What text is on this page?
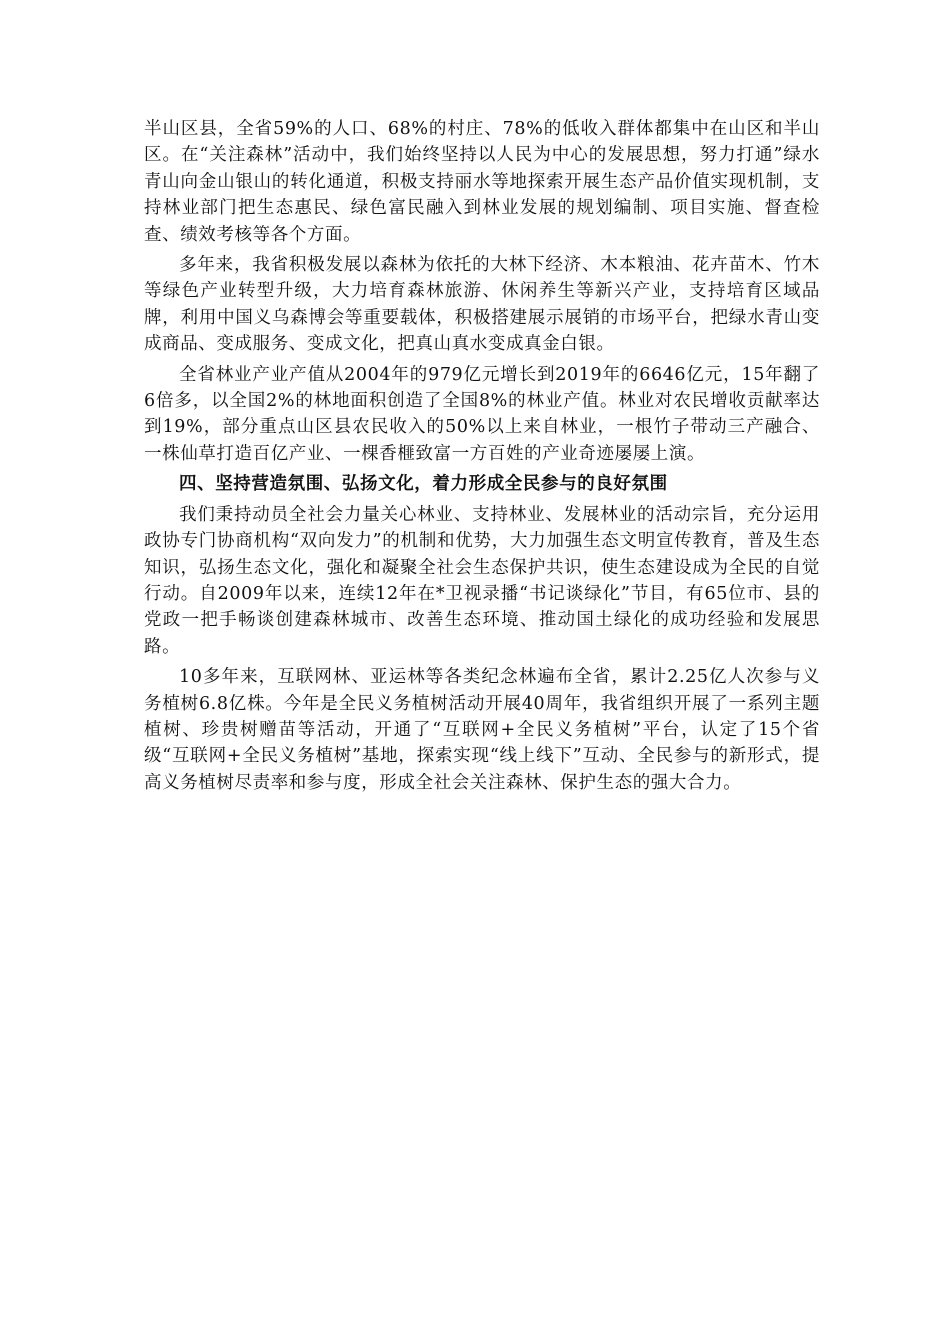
半山区县，全省59%的人口、68%的村庄、78%的低收入群体都集中在山区和半山区。在“关注森林”活动中，我们始终坚持以人民为中心的发展思想，努力打通”绿水青山向金山银山的转化通道，积极支持丽水等地探索开展生态产品价值实现机制，支持林业部门把生态惠民、绿色富民融入到林业发展的规划编制、项目实施、督查检查、绩效考核等各个方面。

多年来，我省积极发展以森林为依托的大林下经济、木本粮油、花卉苗木、竹木等绿色产业转型升级，大力培育森林旅游、休闲养生等新兴产业，支持培育区域品牌，利用中国义乌森博会等重要载体，积极搭建展示展销的市场平台，把绿水青山变成商品、变成服务、变成文化，把真山真水变成真金白银。

全省林业产业产值从2004年的979亿元增长到2019年的6646亿元，15年翻了6倍多，以全国2%的林地面积创造了全国8%的林业产值。林业对农民增收贡献率达到19%，部分重点山区县农民收入的50%以上来自林业，一根竹子带动三产融合、一株仙草打造百亿产业、一棵香榧致富一方百姓的产业奇迹屡屡上演。

四、坚持营造氛围、弘扬文化，着力形成全民参与的良好氛围

我们秉持动员全社会力量关心林业、支持林业、发展林业的活动宗旨，充分运用政协专门协商机构“双向发力”的机制和优势，大力加强生态文明宣传教育，普及生态知识，弘扬生态文化，强化和凝聚全社会生态保护共识，使生态建设成为全民的自觉行动。自2009年以来，连续12年在*卫视录播“书记谈绿化”节目，有65位市、县的党政一把手畅谈创建森林城市、改善生态环境、推动国土绿化的成功经验和发展思路。

10多年来，互联网林、亚运林等各类纪念林遍布全省，累计2.25亿人次参与义务植树6.8亿株。今年是全民义务植树活动开展40周年，我省组织开展了一系列主题植树、珍贵树赠苗等活动，开通了“互联网+全民义务植树”平台，认定了15个省级“互联网+全民义务植树”基地，探索实现“线上线下”互动、全民参与的新形式，提高义务植树尽责率和参与度，形成全社会关注森林、保护生态的强大合力。
